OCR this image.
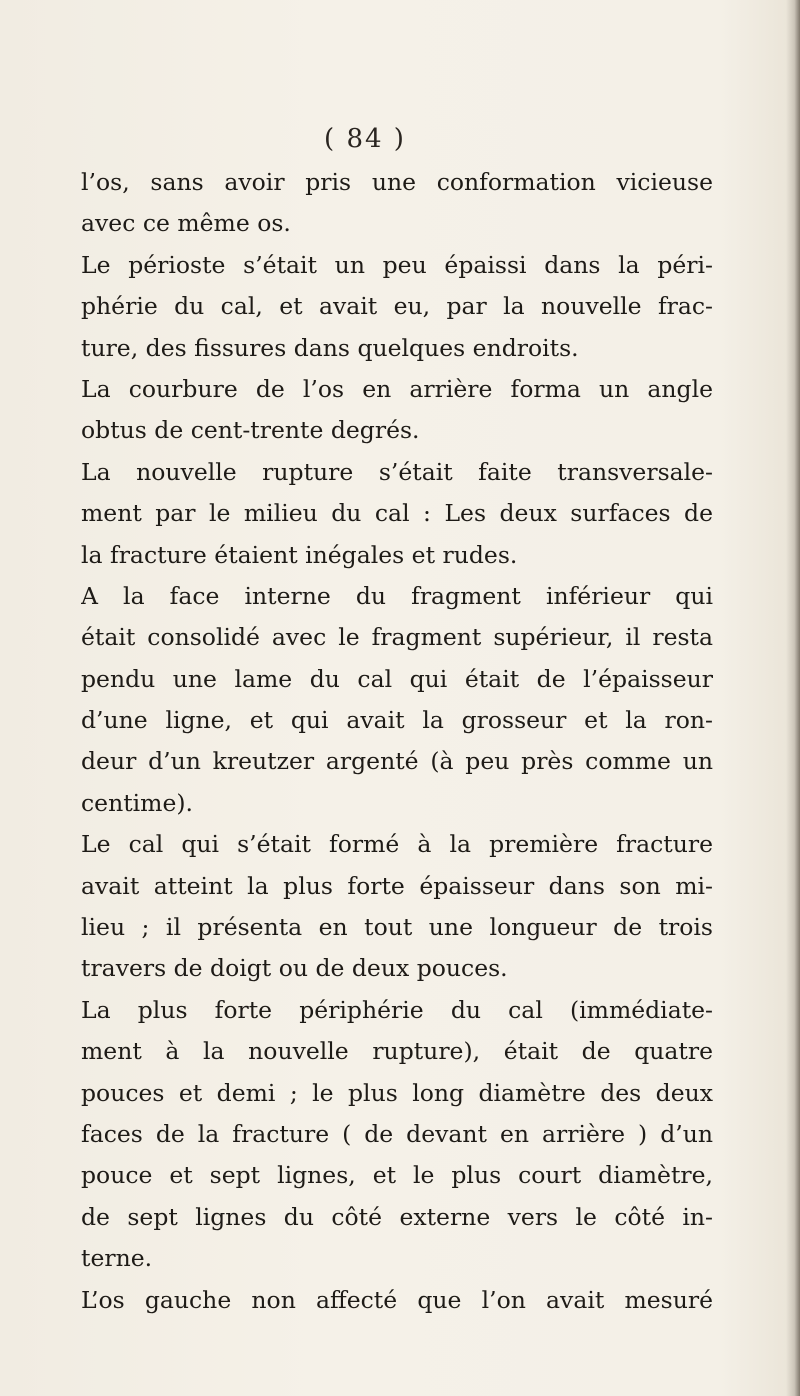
( 84 )
l’os, sans avoir pris une conformation vicieuse
avec ce même os.
Le périoste s’était un peu épaissi dans la péri-
phérie du cal, et avait eu, par la nouvelle frac-
ture, des fissures dans quelques endroits.
La courbure de l’os en arrière forma un angle
obtus de cent-trente degrés.
La nouvelle rupture s’était faite transversale-
ment par le milieu du cal : Les deux surfaces de
la fracture étaient inégales et rudes.
A la face interne du fragment inférieur qui
était consolidé avec le fragment supérieur, il resta
pendu une lame du cal qui était de l’épaisseur
d’une ligne, et qui avait la grosseur et la ron-
deur d’un kreutzer argenté (à peu près comme un
centime).
Le cal qui s’était formé à la première fracture
avait atteint la plus forte épaisseur dans son mi-
lieu ; il présenta en tout une longueur de trois
travers de doigt ou de deux pouces.
La plus forte périphérie du cal (immédiate-
ment à la nouvelle rupture), était de quatre
pouces et demi ; le plus long diamètre des deux
faces de la fracture ( de devant en arrière ) d’un
pouce et sept lignes, et le plus court diamètre,
de sept lignes du côté externe vers le côté in-
terne.
L’os gauche non affecté que l’on avait mesuré
